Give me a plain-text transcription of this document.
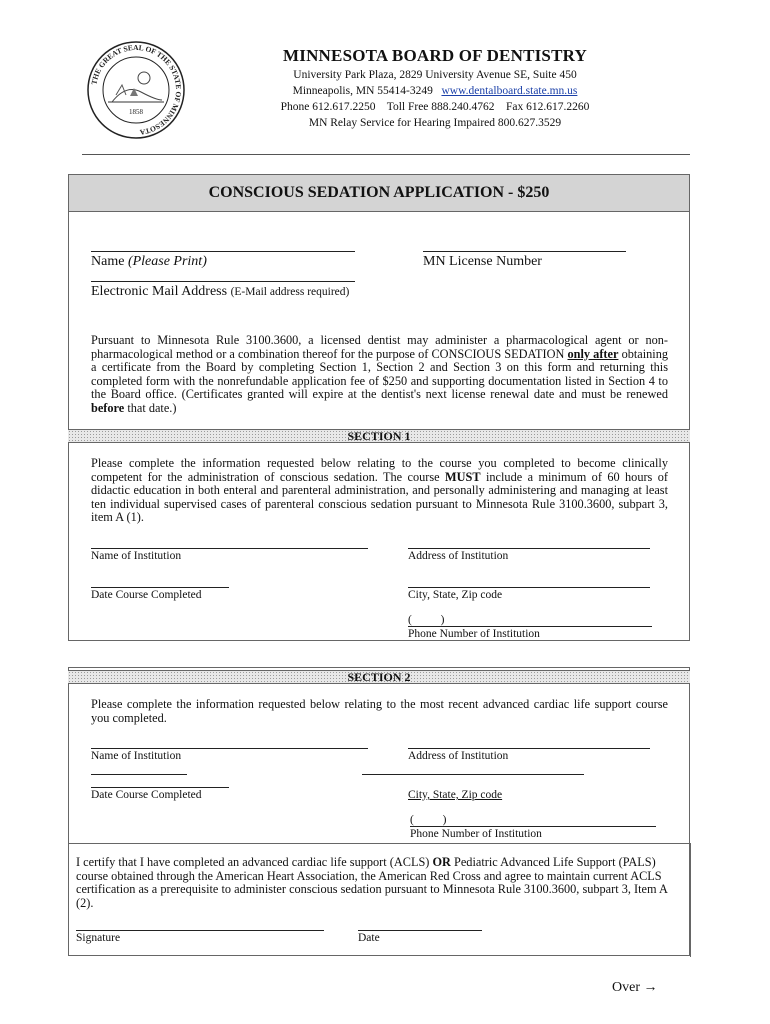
THE GREAT SEAL OF THE STATE OF MINNESOTA
1858
MINNESOTA BOARD OF DENTISTRY
University Park Plaza, 2829 University Avenue SE, Suite 450
Minneapolis, MN 55414-3249 www.dentalboard.state.mn.us
Phone 612.617.2250    Toll Free 888.240.4762    Fax 612.617.2260
MN Relay Service for Hearing Impaired 800.627.3529
CONSCIOUS SEDATION APPLICATION - $250
Name (Please Print)	MN License Number
Electronic Mail Address (E-Mail address required)
Pursuant to Minnesota Rule 3100.3600, a licensed dentist may administer a pharmacological agent or non-pharmacological method or a combination thereof for the purpose of CONSCIOUS SEDATION only after obtaining a certificate from the Board by completing Section 1, Section 2 and Section 3 on this form and returning this completed form with the nonrefundable application fee of $250 and supporting documentation listed in Section 4 to the Board office. (Certificates granted will expire at the dentist's next license renewal date and must be renewed before that date.)
SECTION 1
Please complete the information requested below relating to the course you completed to become clinically competent for the administration of conscious sedation. The course MUST include a minimum of 60 hours of didactic education in both enteral and parenteral administration, and personally administering and managing at least ten individual supervised cases of parenteral conscious sedation pursuant to Minnesota Rule 3100.3600, subpart 3, item A (1).
Name of Institution	Address of Institution
Date Course Completed	City, State, Zip code
(          )
Phone Number of Institution
SECTION 2
Please complete the information requested below relating to the most recent advanced cardiac life support course you completed.
Name of Institution	Address of Institution
Date Course Completed	City, State, Zip code
(          )
Phone Number of Institution
I certify that I have completed an advanced cardiac life support (ACLS) OR Pediatric Advanced Life Support (PALS) course obtained through the American Heart Association, the American Red Cross and agree to maintain current ACLS certification as a prerequisite to administer conscious sedation pursuant to Minnesota Rule 3100.3600, subpart 3, Item A (2).
Signature	Date
Over →
